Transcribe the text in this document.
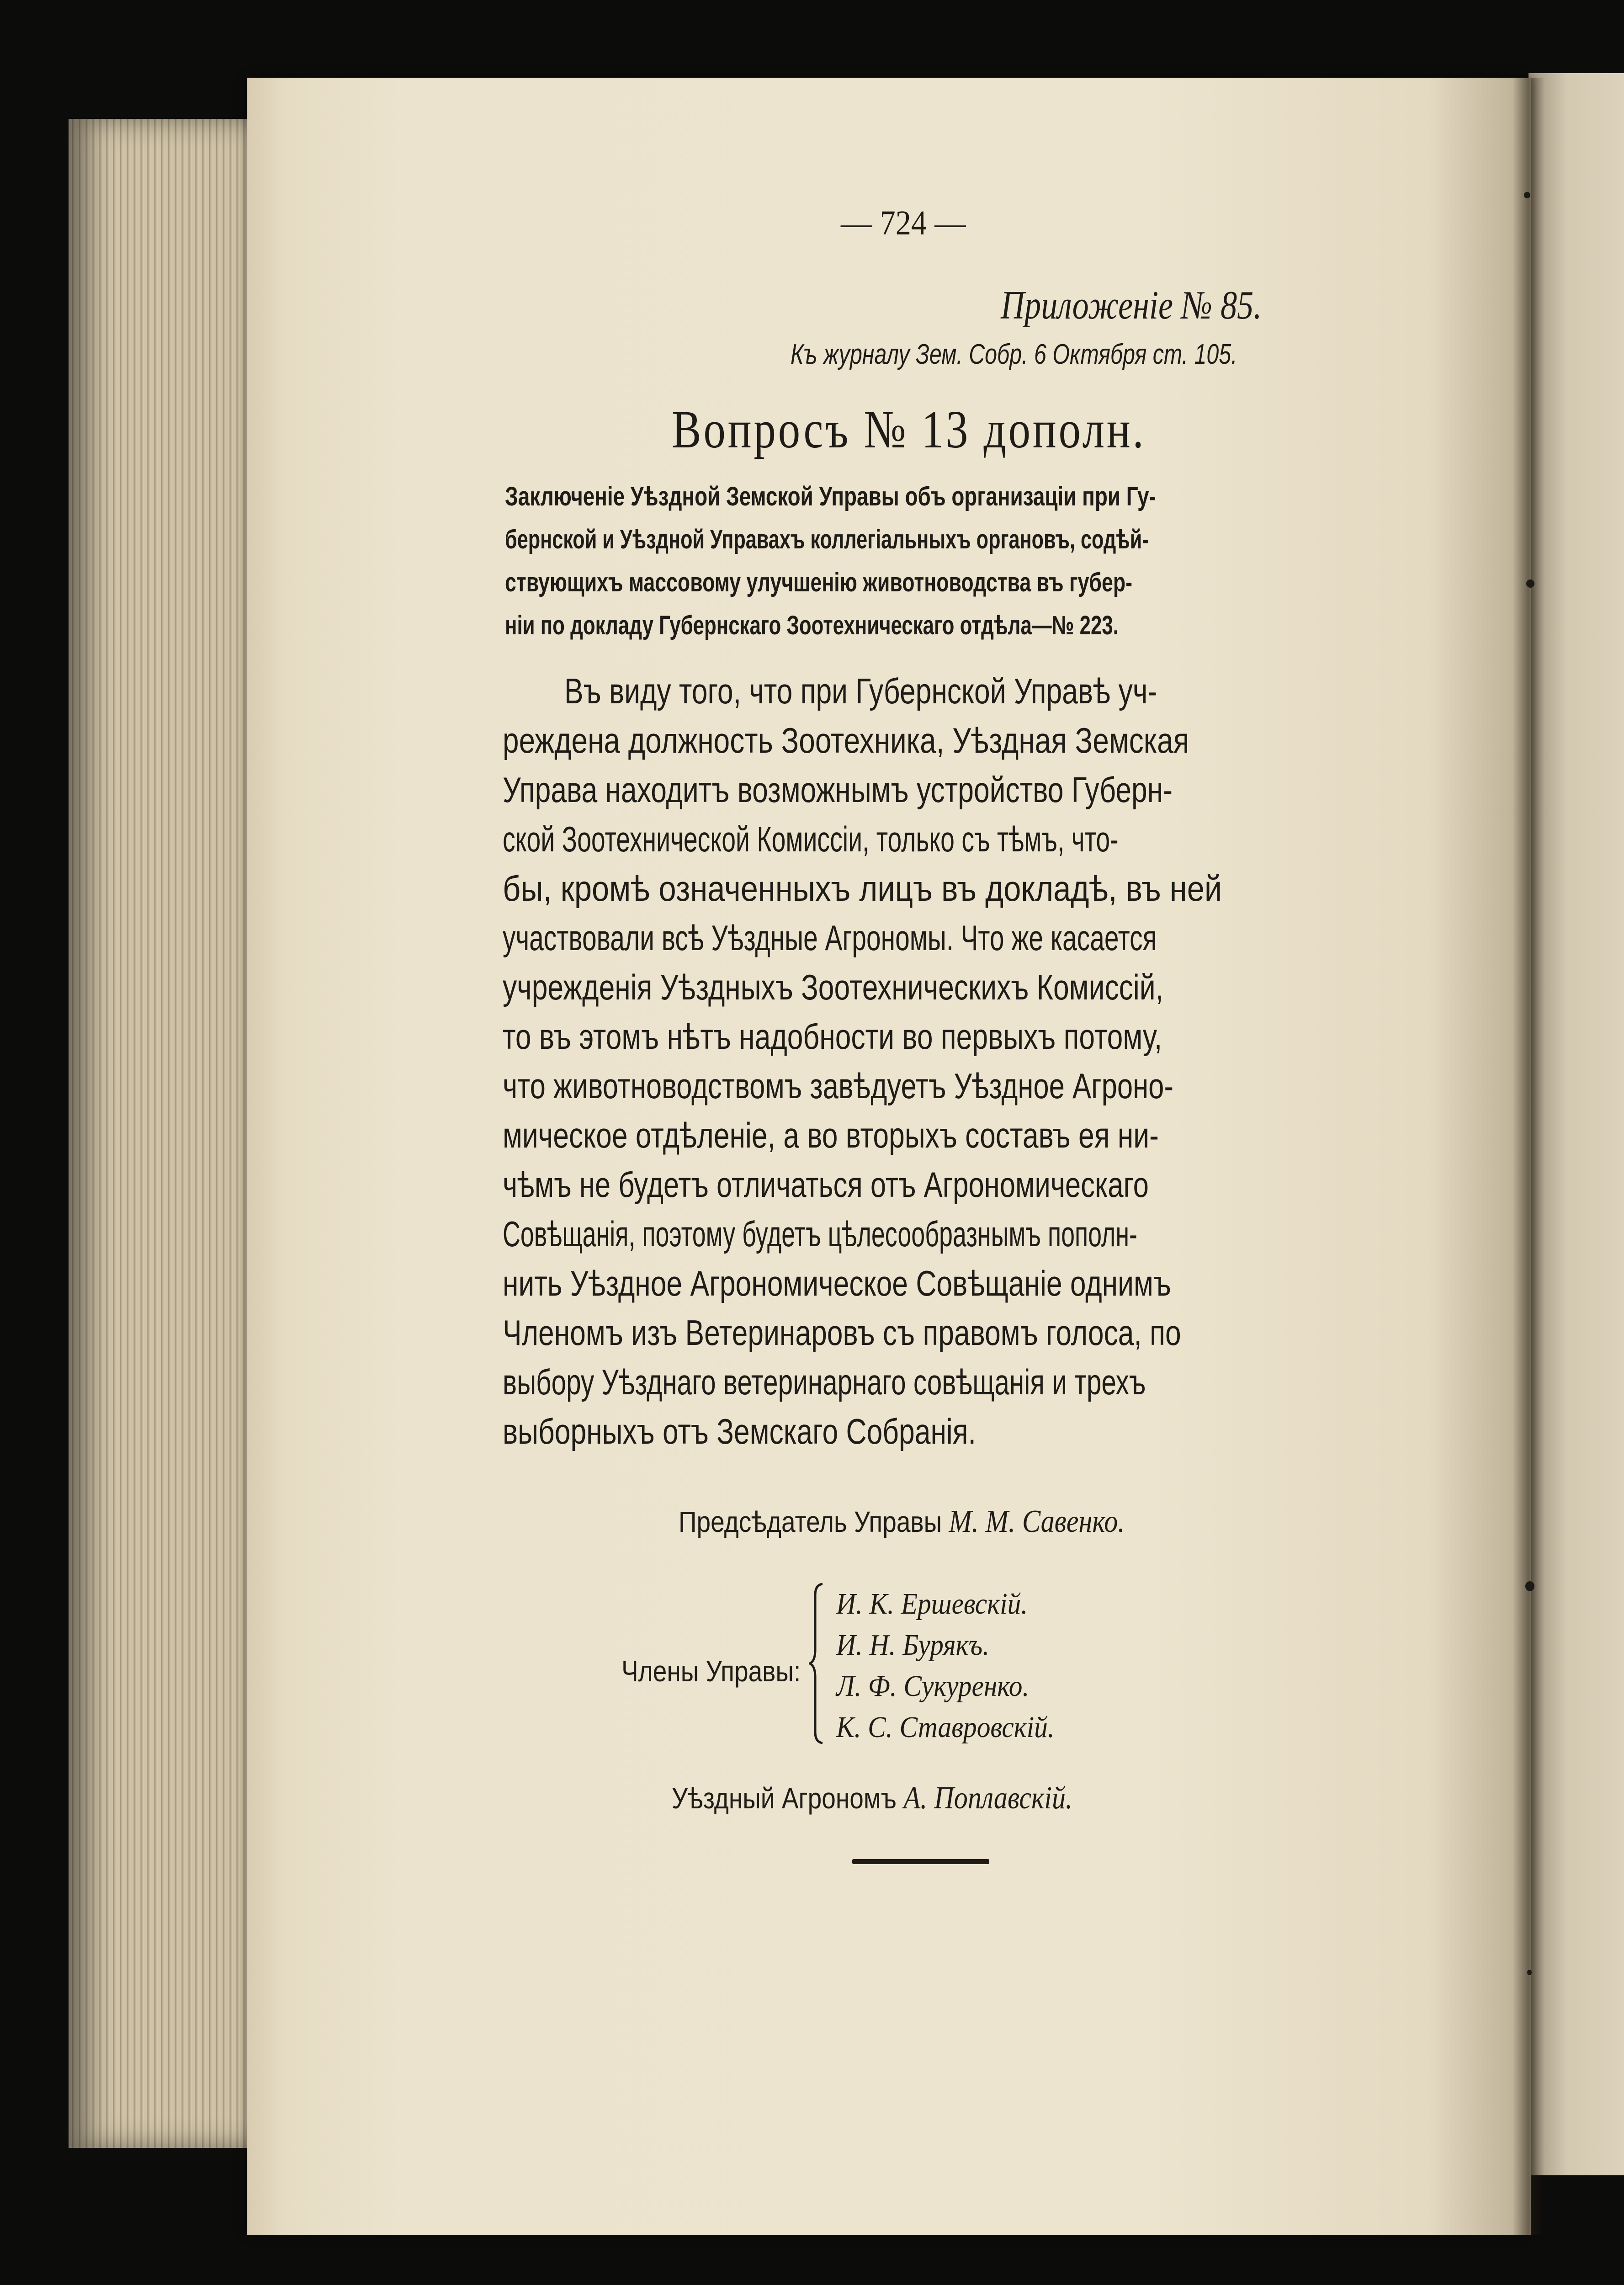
— 724 —
Приложенie № 85.
Къ журналу Зем. Собр. 6 Октября ст. 105.
Вопросъ № 13 дополн.
Заключенie Уѣздной Земской Управы объ организацiи при Гу-
бернской и Уѣздной Управахъ коллегiальныхъ органовъ, содѣй-
ствующихъ массовому улучшенiю животноводства въ губер-
нiи по докладу Губернскаго Зоотехническаго отдѣла—№ 223.
Въ виду того, что при Губернской Управѣ уч-
реждена должность Зоотехника, Уѣздная Земская
Управа находитъ возможнымъ устройство Губерн-
ской Зоотехнической Комиссiи, только съ тѣмъ, что-
бы, кромѣ означенныхъ лицъ въ докладѣ, въ ней
участвовали всѣ Уѣздные Агрономы. Что же касается
учрежденiя Уѣздныхъ Зоотехническихъ Комиссiй,
то въ этомъ нѣтъ надобности во первыхъ потому,
что животноводствомъ завѣдуетъ Уѣздное Агроно-
мическое отдѣленiе, а во вторыхъ составъ ея ни-
чѣмъ не будетъ отличаться отъ Агрономическаго
Совѣщанiя, поэтому будетъ цѣлесообразнымъ пополн-
нить Уѣздное Агрономическое Совѣщанiе однимъ
Членомъ изъ Ветеринаровъ съ правомъ голоса, по
выбору Уѣзднаго ветеринарнаго совѣщанiя и трехъ
выборныхъ отъ Земскаго Собранiя.
Предсѣдатель Управы М. М. Савенко.
Члены Управы:
И. К. Ершевскiй.
И. Н. Бурякъ.
Л. Ф. Сукуренко.
К. С. Ставровскiй.
Уѣздный Агрономъ А. Поплавскiй.
